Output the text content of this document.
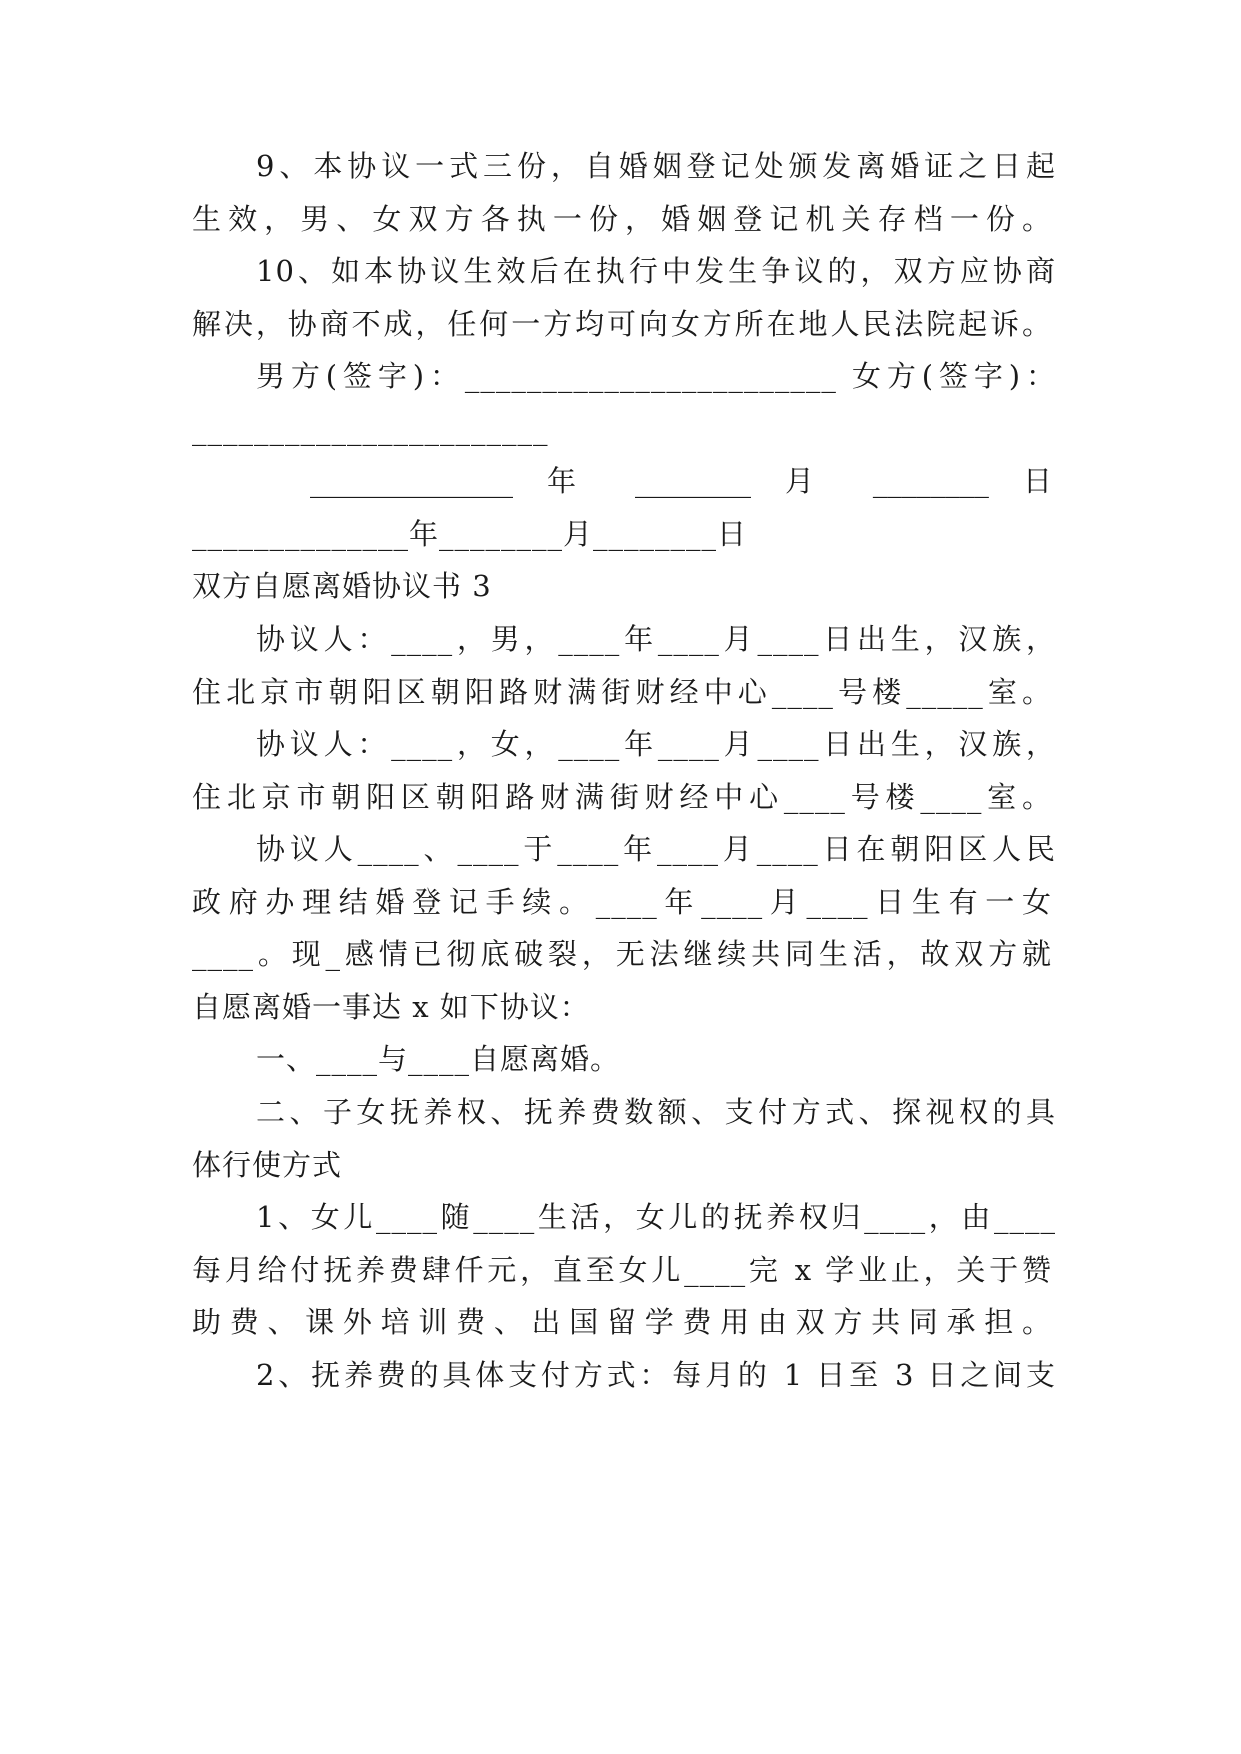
9、本协议一式三份，自婚姻登记处颁发离婚证之日起
生效，男、女双方各执一份，婚姻登记机关存档一份。
10、如本协议生效后在执行中发生争议的，双方应协商
解决，协商不成，任何一方均可向女方所在地人民法院起诉。
男方(签字)：________________________ 女方(签字)：
_______________________
______________ 年 ________ 月 ________ 日
______________年________月________日
双方自愿离婚协议书 3
协议人：____，男，____年____月____日出生，汉族，
住北京市朝阳区朝阳路财满街财经中心____号楼_____室。
协议人：____，女，____年____月____日出生，汉族，
住北京市朝阳区朝阳路财满街财经中心____号楼____室。
协议人____、____于____年____月____日在朝阳区人民
政府办理结婚登记手续。____年____月____日生有一女
____。现_感情已彻底破裂，无法继续共同生活，故双方就
自愿离婚一事达 x 如下协议：
一、____与____自愿离婚。
二、子女抚养权、抚养费数额、支付方式、探视权的具
体行使方式
1、女儿____随____生活，女儿的抚养权归____，由____
每月给付抚养费肆仟元，直至女儿____完 x 学业止，关于赞
助费、课外培训费、出国留学费用由双方共同承担。
2、抚养费的具体支付方式：每月的 1 日至 3 日之间支
